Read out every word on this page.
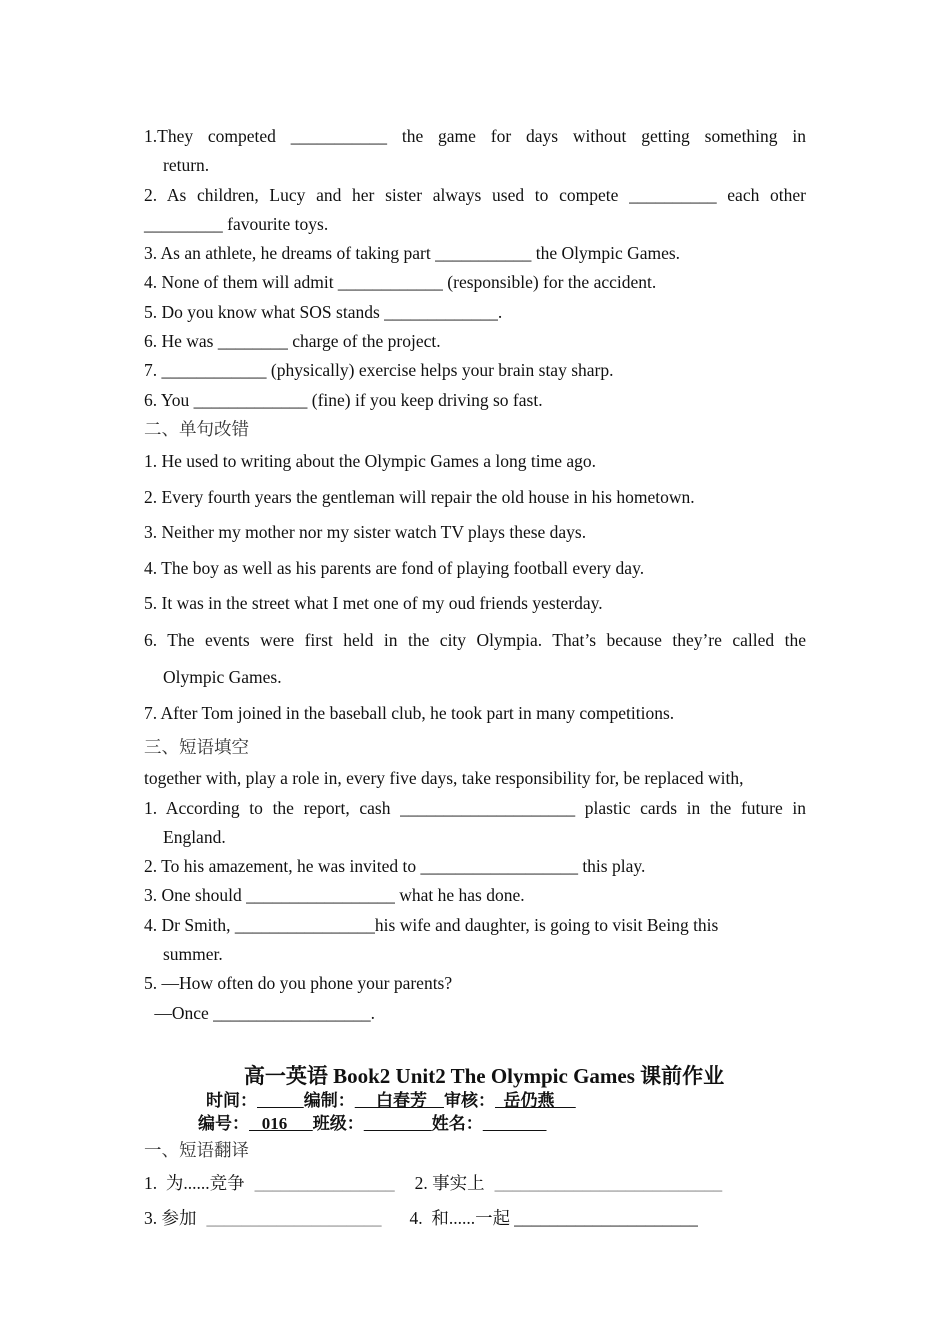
1.They competed ___________ the game for days without getting something in
return.
2. As children, Lucy and her sister always used to compete __________ each other
_________ favourite toys.
3. As an athlete, he dreams of taking part ___________ the Olympic Games.
4. None of them will admit ____________ (responsible) for the accident.
5. Do you know what SOS stands _____________.
6. He was ________ charge of the project.
7. ____________ (physically) exercise helps your brain stay sharp.
6. You _____________ (fine) if you keep driving so fast.
二、单句改错
1. He used to writing about the Olympic Games a long time ago.
2. Every fourth years the gentleman will repair the old house in his hometown.
3. Neither my mother nor my sister watch TV plays these days.
4. The boy as well as his parents are fond of playing football every day.
5. It was in the street what I met one of my oud friends yesterday.
6. The events were first held in the city Olympia. That’s because they’re called the
Olympic Games.
7. After Tom joined in the baseball club, he took part in many competitions.
三、短语填空
together with, play a role in, every five days, take responsibility for, be replaced with,
1. According to the report, cash ____________________ plastic cards in the future in
England.
2. To his amazement, he was invited to __________________ this play.
3. One should _________________ what he has done.
4. Dr Smith, ________________his wife and daughter, is going to visit Being this
summer.
5. —How often do you phone your parents?
—Once __________________.
高一英语 Book2 Unit2 The Olympic Games 课前作业
时间：	编制：     白春芳    审核：  岳仍燕
编号：   016      班级：	姓名：
一、短语翻译
1.  为......竞争 ________________ 2. 事实上 __________________________
3. 参加 ____________________ 4.  和......一起 _____________________
